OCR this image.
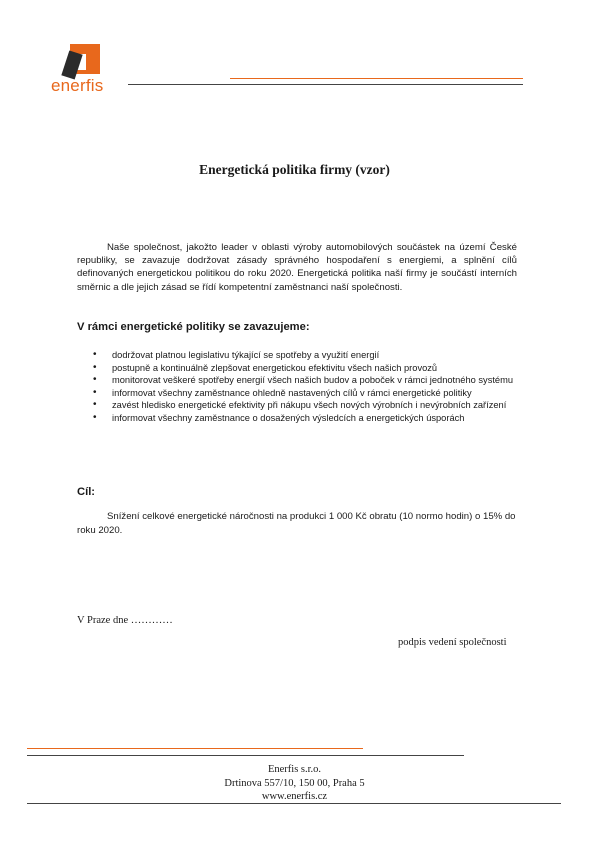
enerfis
Energetická politika firmy (vzor)

Naše společnost, jakožto leader v oblasti výroby automobilových součástek na území České republiky, se zavazuje dodržovat zásady správného hospodaření s energiemi, a splnění cílů definovaných energetickou politikou do roku 2020. Energetická politika naší firmy je součástí interních směrnic a dle jejich zásad se řídí kompetentní zaměstnanci naší společnosti.

V rámci energetické politiky se zavazujeme:
• dodržovat platnou legislativu týkající se spotřeby a využití energií
• postupně a kontinuálně zlepšovat energetickou efektivitu všech našich provozů
• monitorovat veškeré spotřeby energií všech našich budov a poboček v rámci jednotného systému
• informovat všechny zaměstnance ohledně nastavených cílů v rámci energetické politiky
• zavést hledisko energetické efektivity při nákupu všech nových výrobních i nevýrobních zařízení
• informovat všechny zaměstnance o dosažených výsledcích a energetických úsporách
Cíl:

Snížení celkové energetické náročnosti na produkci 1 000 Kč obratu (10 normo hodin) o 15% do roku 2020.

V Praze dne …………
podpis vedení společnosti
Enerfis s.r.o.
Drtinova 557/10, 150 00, Praha 5
www.enerfis.cz
